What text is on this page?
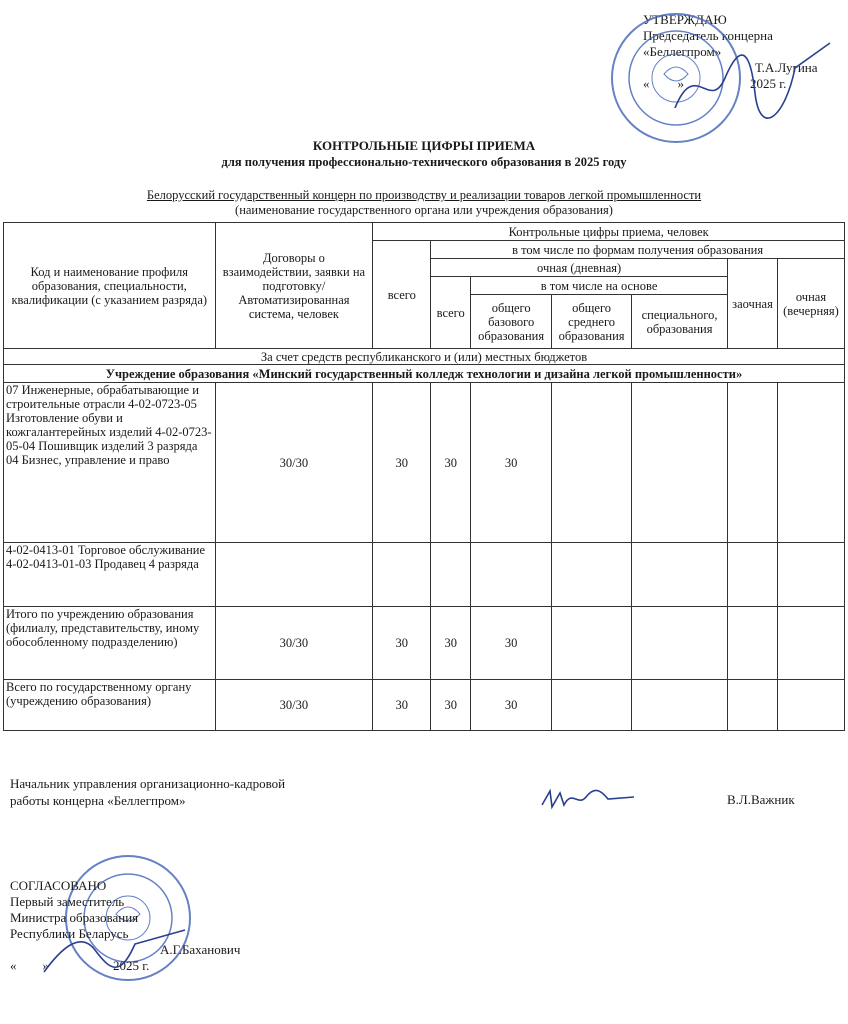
УТВЕРЖДАЮ
Председатель концерна
«Беллегпром»
Т.А.Лугина
« »	2025 г.
КОНТРОЛЬНЫЕ ЦИФРЫ ПРИЕМА
для получения профессионально-технического образования в 2025 году
Белорусский государственный концерн по производству и реализации товаров легкой промышленности
(наименование государственного органа или учреждения образования)
Код и наименование профиля образования, специальности, квалификации (с указанием разряда)	Договоры о взаимодействии, заявки на подготовку/ Автоматизированная система, человек	Контрольные цифры приема, человек						
		всего	в том числе по формам получения образования					
			очная (дневная)				заочная	очная (вечерняя)
			всего	в том числе на основе				
				общего базового образования	общего среднего образования	специального, образования		

За счет средств республиканского и (или) местных бюджетов								
Учреждение образования «Минский государственный колледж технологии и дизайна легкой промышленности»								
07 Инженерные, обрабатывающие и строительные отрасли 4-02-0723-05 Изготовление обуви и кожгалантерейных изделий 4-02-0723-05-04 Пошивщик изделий 3 разряда 04 Бизнес, управление и право	30/30	30	30	30				
4-02-0413-01 Торговое обслуживание 4-02-0413-01-03 Продавец 4 разряда								
Итого по учреждению образования (филиалу, представительству, иному обособленному подразделению)	30/30	30	30	30				
Всего по государственному органу (учреждению образования)	30/30	30	30	30				
Начальник управления организационно-кадровой
работы концерна «Беллегпром»	В.Л.Важник
СОГЛАСОВАНО
Первый заместитель
Министра образования
Республики Беларусь
А.Г.Баханович
« »	2025 г.
